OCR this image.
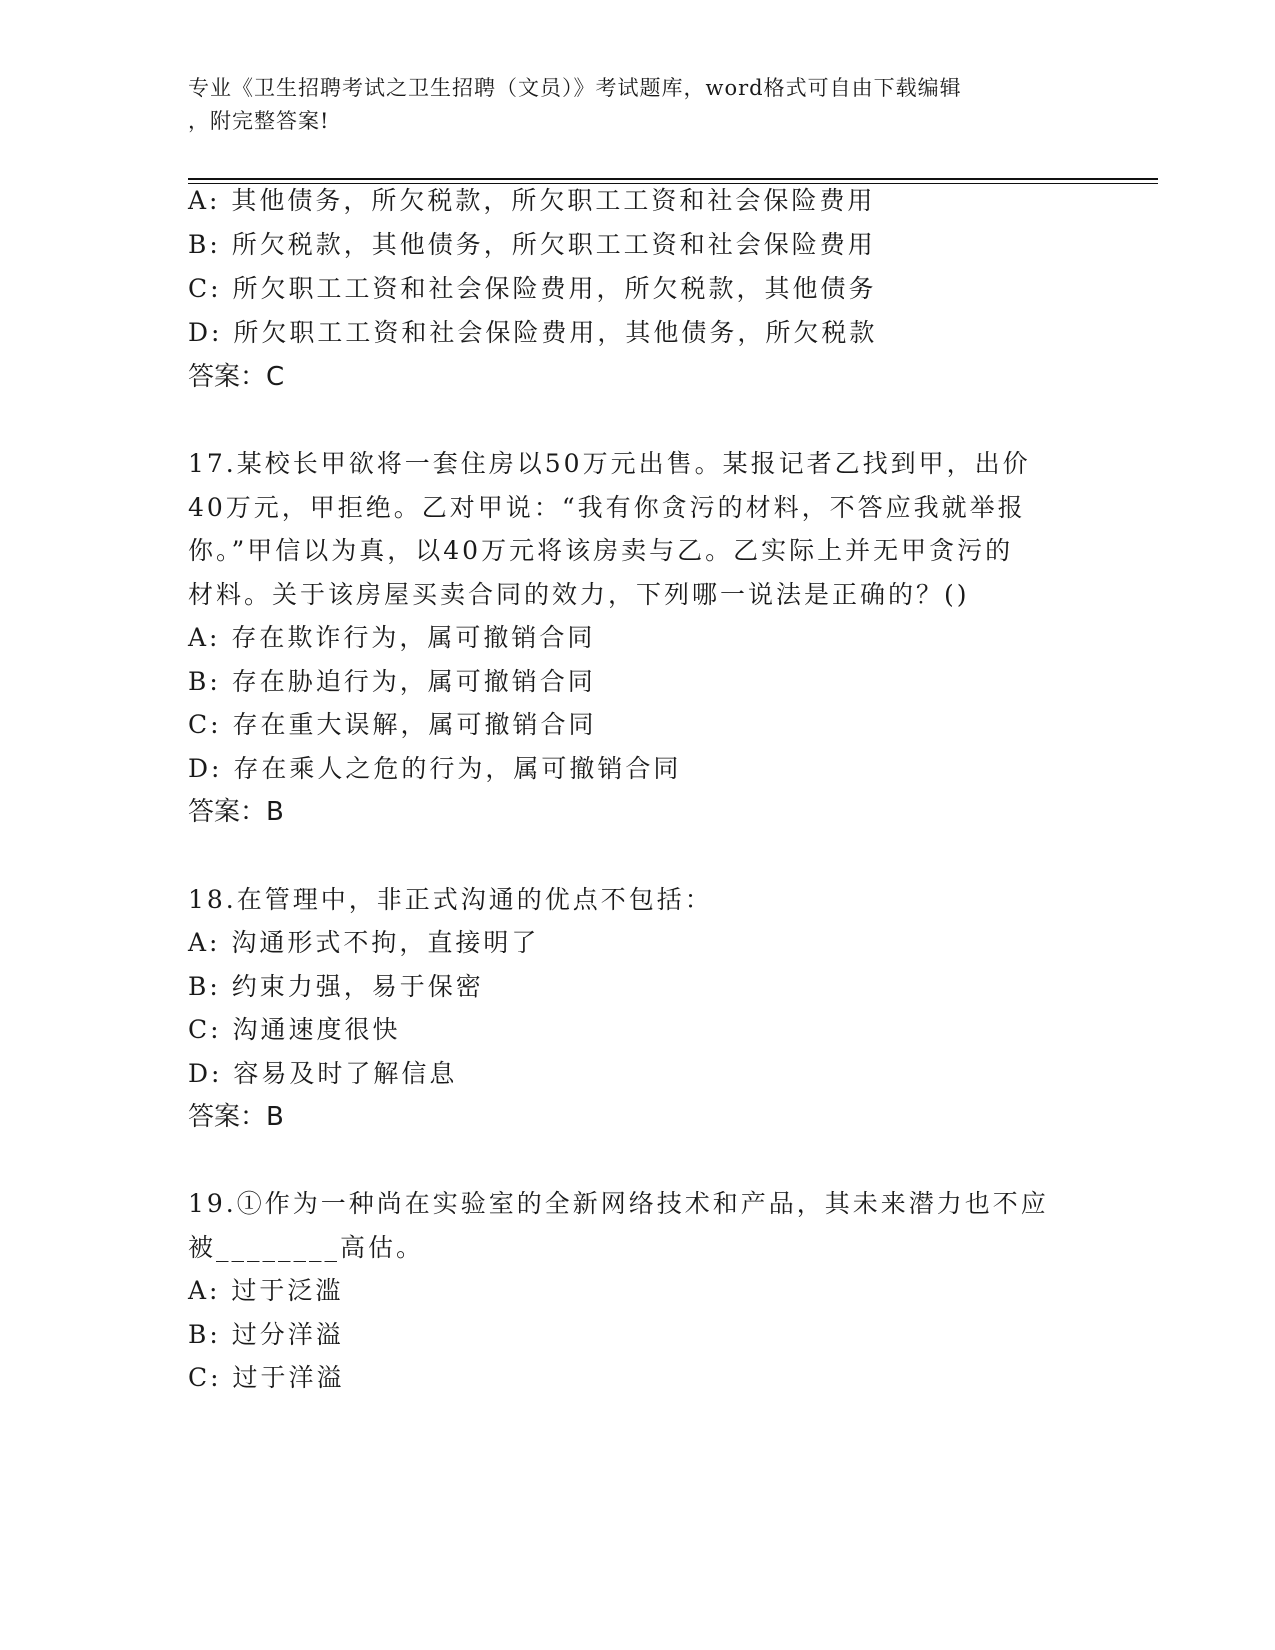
专业《卫生招聘考试之卫生招聘（文员）》考试题库，word格式可自由下载编辑
，附完整答案!
A: 其他债务，所欠税款，所欠职工工资和社会保险费用
B: 所欠税款，其他债务，所欠职工工资和社会保险费用
C: 所欠职工工资和社会保险费用，所欠税款，其他债务
D: 所欠职工工资和社会保险费用，其他债务，所欠税款
答案：C
17.某校长甲欲将一套住房以50万元出售。某报记者乙找到甲，出价
40万元，甲拒绝。乙对甲说：“我有你贪污的材料，不答应我就举报
你。”甲信以为真，以40万元将该房卖与乙。乙实际上并无甲贪污的
材料。关于该房屋买卖合同的效力，下列哪一说法是正确的？()
A: 存在欺诈行为，属可撤销合同
B: 存在胁迫行为，属可撤销合同
C: 存在重大误解，属可撤销合同
D: 存在乘人之危的行为，属可撤销合同
答案：B
18.在管理中，非正式沟通的优点不包括：
A: 沟通形式不拘，直接明了
B: 约束力强，易于保密
C: 沟通速度很快
D: 容易及时了解信息
答案：B
19.①作为一种尚在实验室的全新网络技术和产品，其未来潜力也不应
被________高估。
A: 过于泛滥
B: 过分洋溢
C: 过于洋溢
